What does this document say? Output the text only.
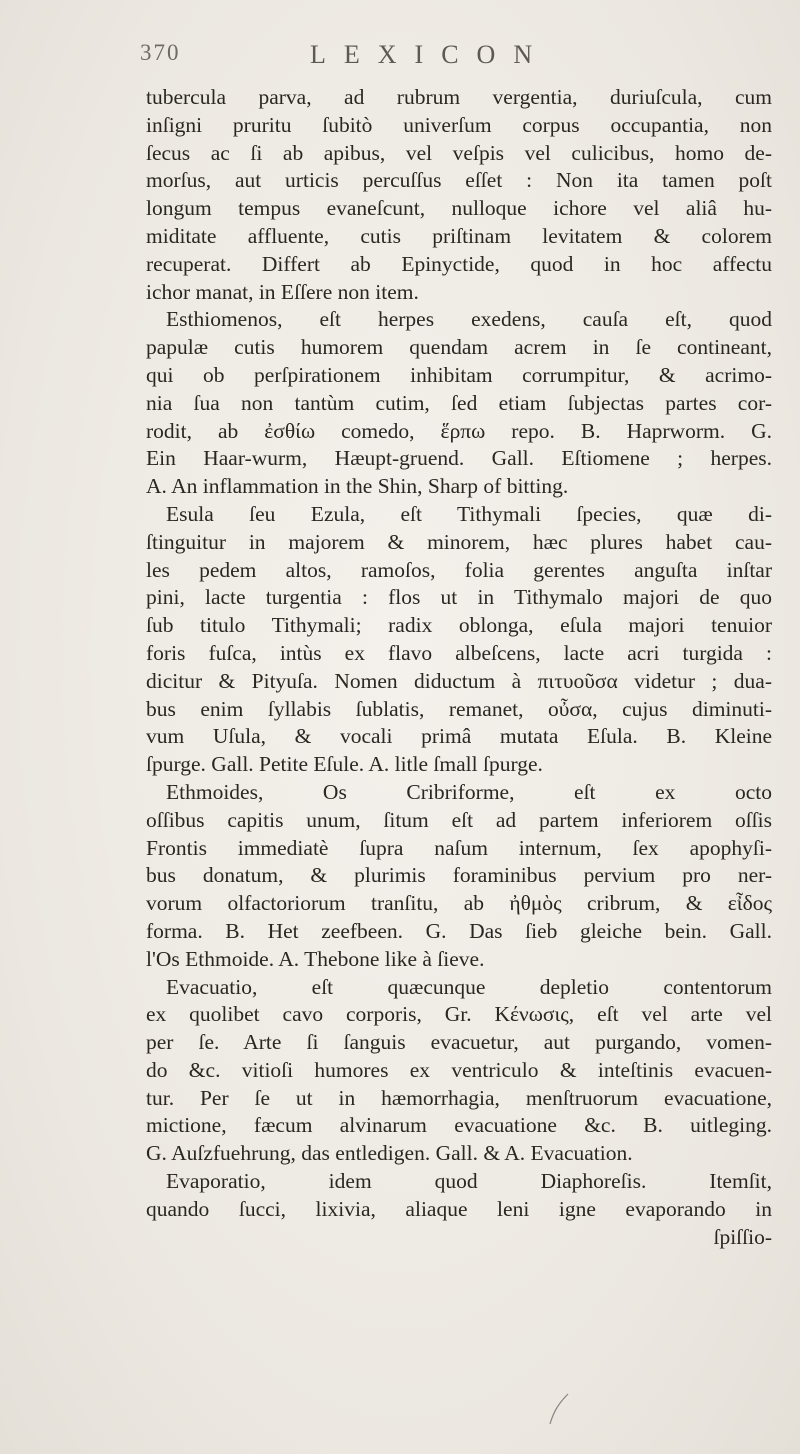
370	LEXICON
tubercula parva, ad rubrum vergentia, duriuſcula, cum
inſigni pruritu ſubitò univerſum corpus occupantia, non
ſecus ac ſi ab apibus, vel veſpis vel culicibus, homo de-
morſus, aut urticis percuſſus eſſet : Non ita tamen poſt
longum tempus evaneſcunt, nulloque ichore vel aliâ hu-
miditate affluente, cutis priſtinam levitatem & colorem
recuperat. Differt ab Epinyctide, quod in hoc affectu
ichor manat, in Eſſere non item.
Esthiomenos, eſt herpes exedens, cauſa eſt, quod
papulæ cutis humorem quendam acrem in ſe contineant,
qui ob perſpirationem inhibitam corrumpitur, & acrimo-
nia ſua non tantùm cutim, ſed etiam ſubjectas partes cor-
rodit, ab ἐσθίω comedo, ἕρπω repo. B. Haprworm. G.
Ein Haar-wurm, Hæupt-gruend. Gall. Eſtiomene ; herpes.
A. An inflammation in the Shin, Sharp of bitting.
Esula ſeu Ezula, eſt Tithymali ſpecies, quæ di-
ſtinguitur in majorem & minorem, hæc plures habet cau-
les pedem altos, ramoſos, folia gerentes anguſta inſtar
pini, lacte turgentia : flos ut in Tithymalo majori de quo
ſub titulo Tithymali; radix oblonga, eſula majori tenuior
foris fuſca, intùs ex flavo albeſcens, lacte acri turgida :
dicitur & Pityuſa. Nomen diductum à πιτυοῦσα videtur ; dua-
bus enim ſyllabis ſublatis, remanet, οὖσα, cujus diminuti-
vum Uſula, & vocali primâ mutata Eſula. B. Kleine
ſpurge. Gall. Petite Eſule. A. litle ſmall ſpurge.
Ethmoides, Os Cribriforme, eſt ex octo
oſſibus capitis unum, ſitum eſt ad partem inferiorem oſſis
Frontis immediatè ſupra naſum internum, ſex apophyſi-
bus donatum, & plurimis foraminibus pervium pro ner-
vorum olfactoriorum tranſitu, ab ἠθμὸς cribrum, & εἶδος
forma. B. Het zeefbeen. G. Das ſieb gleiche bein. Gall.
l'Os Ethmoide. A. Thebone like à ſieve.
Evacuatio, eſt quæcunque depletio contentorum
ex quolibet cavo corporis, Gr. Κένωσις, eſt vel arte vel
per ſe. Arte ſi ſanguis evacuetur, aut purgando, vomen-
do &c. vitioſi humores ex ventriculo & inteſtinis evacuen-
tur. Per ſe ut in hæmorrhagia, menſtruorum evacuatione,
mictione, fæcum alvinarum evacuatione &c. B. uitleging.
G. Auſzfuehrung, das entledigen. Gall. & A. Evacuation.
Evaporatio, idem quod Diaphoreſis. Itemſit,
quando ſucci, lixivia, aliaque leni igne evaporando in
ſpiſſio-
